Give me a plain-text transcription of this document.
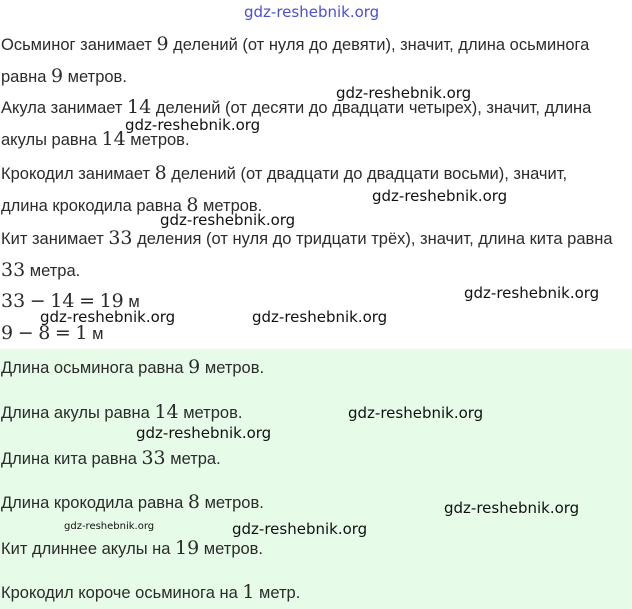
gdz-reshebnik.org
Осьминог занимает 9 делений (от нуля до девяти), значит, длина осьминога
равна 9 метров.
Акула занимает 14 делений (от десяти до двадцати четырех), значит, длина
акулы равна 14 метров.
Крокодил занимает 8 делений (от двадцати до двадцати восьми), значит,
длина крокодила равна 8 метров.
Кит занимает 33 деления (от нуля до тридцати трёх), значит, длина кита равна
33 метра.
33 − 14 = 19 м
9 − 8 = 1 м
Длина осьминога равна 9 метров.
Длина акулы равна 14 метров.
Длина кита равна 33 метра.
Длина крокодила равна 8 метров.
Кит длиннее акулы на 19 метров.
Крокодил короче осьминога на 1 метр.
gdz-reshebnik.org
gdz-reshebnik.org
gdz-reshebnik.org
gdz-reshebnik.org
gdz-reshebnik.org
gdz-reshebnik.org	gdz-reshebnik.org
gdz-reshebnik.org
gdz-reshebnik.org
gdz-reshebnik.org
gdz-reshebnik.org	gdz-reshebnik.org
